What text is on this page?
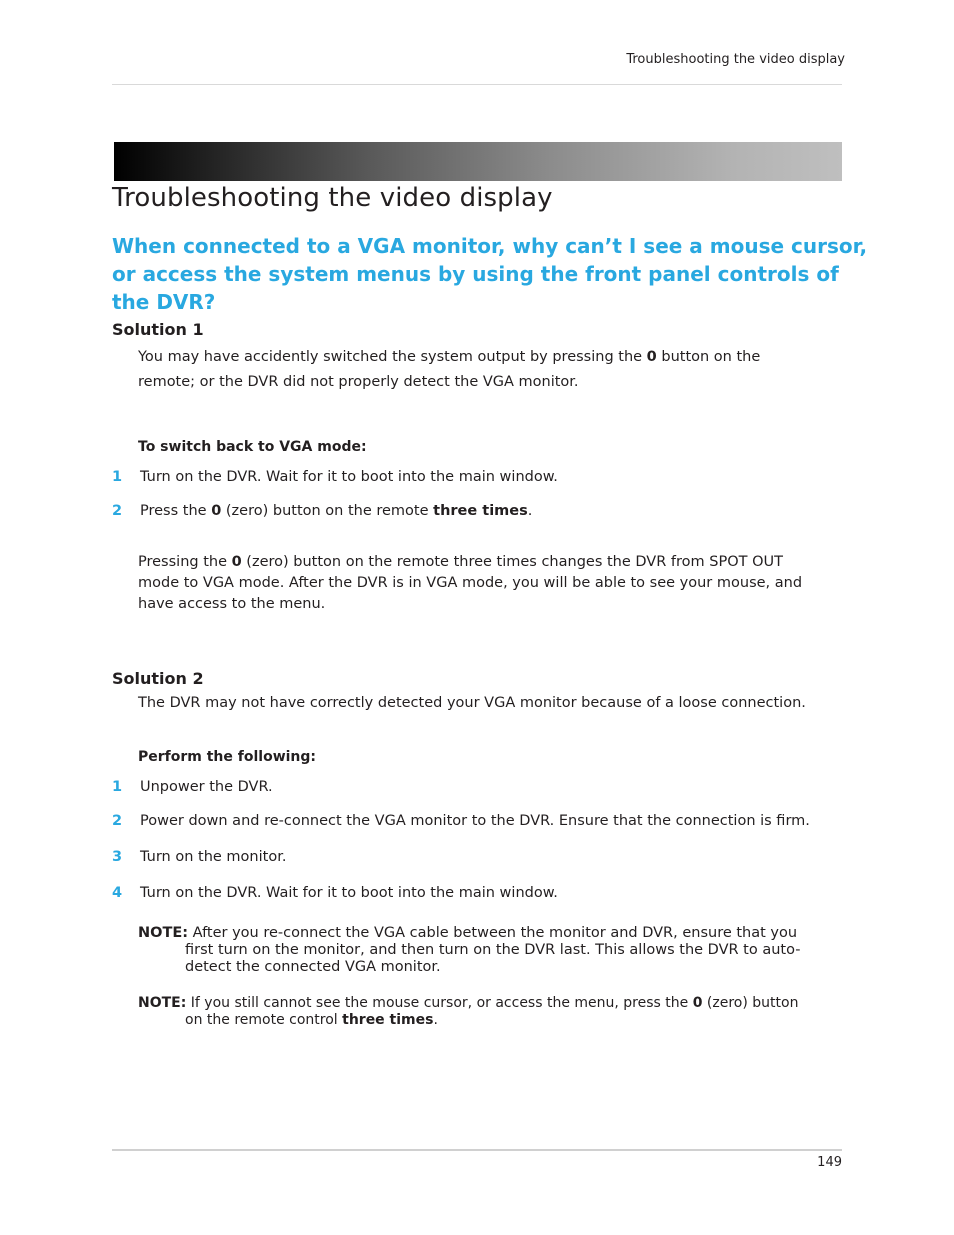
Troubleshooting the video display
Troubleshooting the video display
When connected to a VGA monitor, why can’t I see a mouse cursor, or access the system menus by using the front panel controls of the DVR?
Solution 1
You may have accidently switched the system output by pressing the 0 button on the
remote; or the DVR did not properly detect the VGA monitor.
To switch back to VGA mode:
1 Turn on the DVR. Wait for it to boot into the main window.
2 Press the 0 (zero) button on the remote three times.
Pressing the 0 (zero) button on the remote three times changes the DVR from SPOT OUT mode to VGA mode. After the DVR is in VGA mode, you will be able to see your mouse, and have access to the menu.
Solution 2
The DVR may not have correctly detected your VGA monitor because of a loose connection.
Perform the following:
1 Unpower the DVR.
2 Power down and re-connect the VGA monitor to the DVR. Ensure that the connection is firm.
3 Turn on the monitor.
4 Turn on the DVR. Wait for it to boot into the main window.
NOTE: After you re-connect the VGA cable between the monitor and DVR, ensure that you
first turn on the monitor, and then turn on the DVR last. This allows the DVR to auto-detect the connected VGA monitor.
NOTE: If you still cannot see the mouse cursor, or access the menu, press the 0 (zero) button
on the remote control three times.
149
